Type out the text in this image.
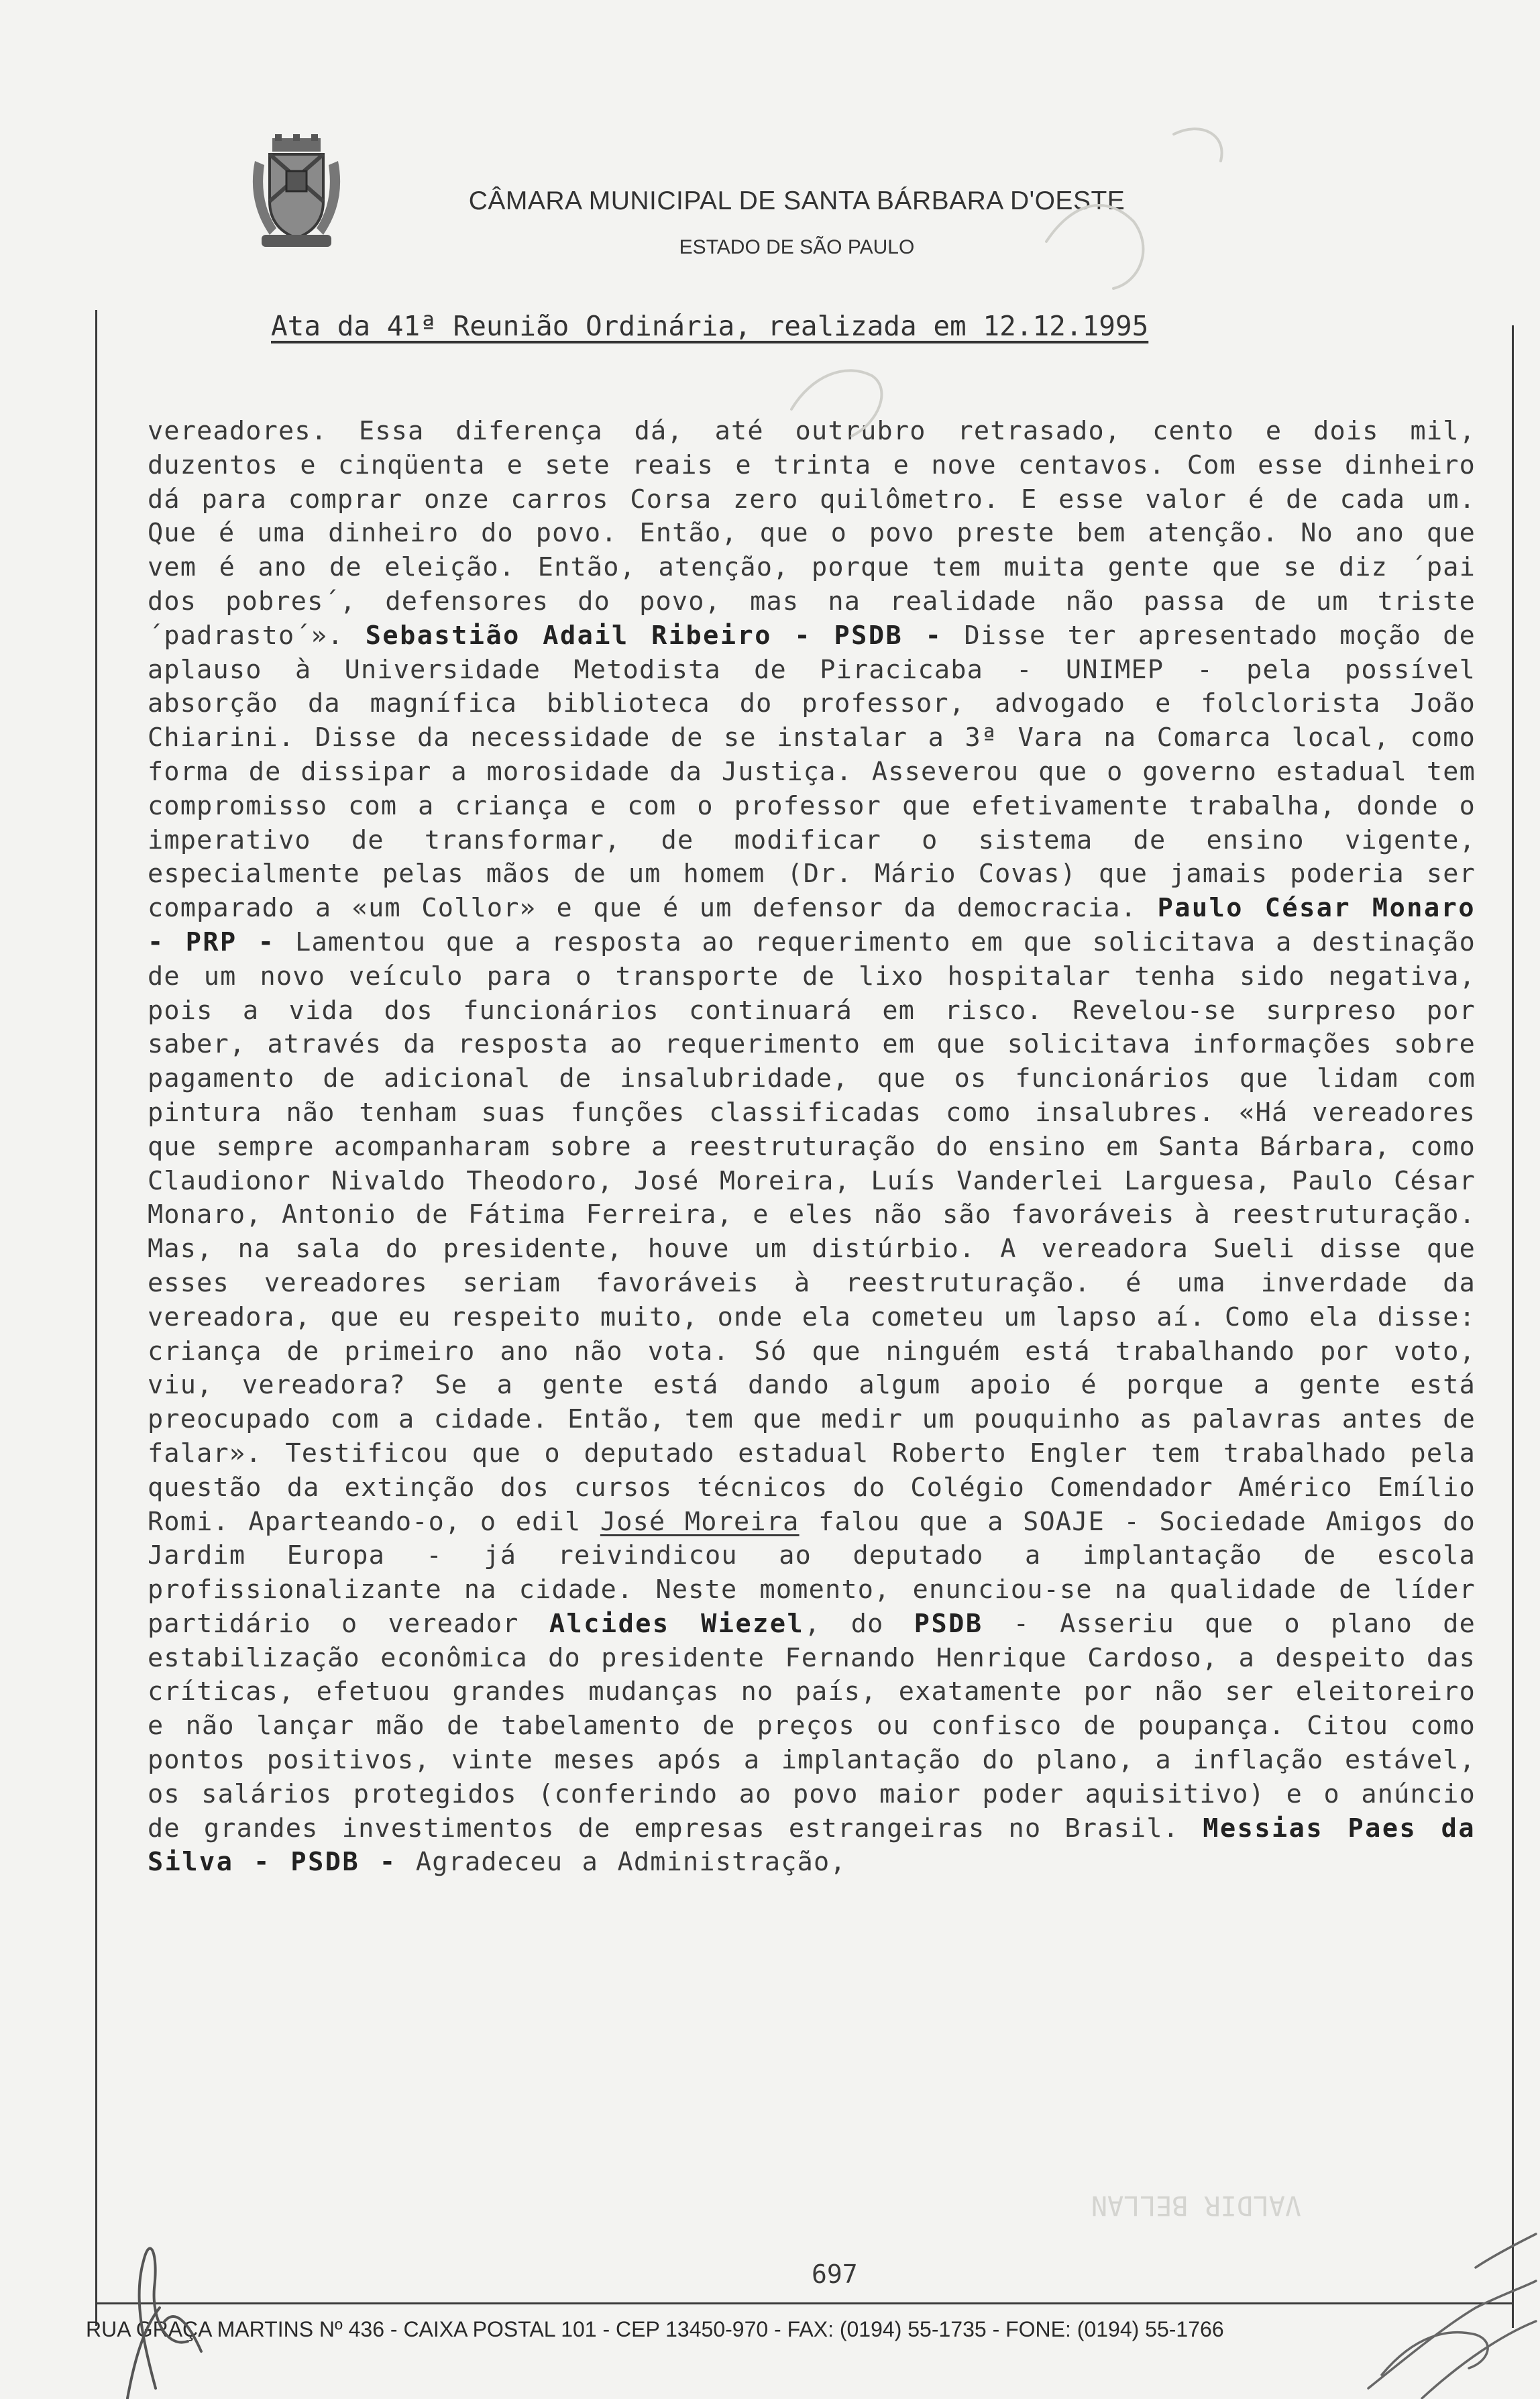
CÂMARA MUNICIPAL DE SANTA BÁRBARA D'OESTE
ESTADO DE SÃO PAULO
Ata da 41ª Reunião Ordinária, realizada em 12.12.1995
vereadores. Essa diferença dá, até outrubro retrasado, cento e dois mil, duzentos e cinqüenta e sete reais e trinta e nove centavos. Com esse dinheiro dá para comprar onze carros Corsa zero quilômetro. E esse valor é de cada um. Que é uma dinheiro do povo. Então, que o povo preste bem atenção. No ano que vem é ano de eleição. Então, atenção, porque tem muita gente que se diz ´pai dos pobres´, defensores do povo, mas na realidade não passa de um triste ´padrasto´». Sebastião Adail Ribeiro - PSDB - Disse ter apresentado moção de aplauso à Universidade Metodista de Piracicaba - UNIMEP - pela possível absorção da magnífica biblioteca do professor, advogado e folclorista João Chiarini. Disse da necessidade de se instalar a 3ª Vara na Comarca local, como forma de dissipar a morosidade da Justiça. Asseverou que o governo estadual tem compromisso com a criança e com o professor que efetivamente trabalha, donde o imperativo de transformar, de modificar o sistema de ensino vigente, especialmente pelas mãos de um homem (Dr. Mário Covas) que jamais poderia ser comparado a «um Collor» e que é um defensor da democracia. Paulo César Monaro - PRP - Lamentou que a resposta ao requerimento em que solicitava a destinação de um novo veículo para o transporte de lixo hospitalar tenha sido negativa, pois a vida dos funcionários continuará em risco. Revelou-se surpreso por saber, através da resposta ao requerimento em que solicitava informações sobre pagamento de adicional de insalubridade, que os funcionários que lidam com pintura não tenham suas funções classificadas como insalubres. «Há vereadores que sempre acompanharam sobre a reestruturação do ensino em Santa Bárbara, como Claudionor Nivaldo Theodoro, José Moreira, Luís Vanderlei Larguesa, Paulo César Monaro, Antonio de Fátima Ferreira, e eles não são favoráveis à reestruturação. Mas, na sala do presidente, houve um distúrbio. A vereadora Sueli disse que esses vereadores seriam favoráveis à reestruturação. é uma inverdade da vereadora, que eu respeito muito, onde ela cometeu um lapso aí. Como ela disse: criança de primeiro ano não vota. Só que ninguém está trabalhando por voto, viu, vereadora? Se a gente está dando algum apoio é porque a gente está preocupado com a cidade. Então, tem que medir um pouquinho as palavras antes de falar». Testificou que o deputado estadual Roberto Engler tem trabalhado pela questão da extinção dos cursos técnicos do Colégio Comendador Américo Emílio Romi. Aparteando-o, o edil José Moreira falou que a SOAJE - Sociedade Amigos do Jardim Europa - já reivindicou ao deputado a implantação de escola profissionalizante na cidade. Neste momento, enunciou-se na qualidade de líder partidário o vereador Alcides Wiezel, do PSDB - Asseriu que o plano de estabilização econômica do presidente Fernando Henrique Cardoso, a despeito das críticas, efetuou grandes mudanças no país, exatamente por não ser eleitoreiro e não lançar mão de tabelamento de preços ou confisco de poupança. Citou como pontos positivos, vinte meses após a implantação do plano, a inflação estável, os salários protegidos (conferindo ao povo maior poder aquisitivo) e o anúncio de grandes investimentos de empresas estrangeiras no Brasil. Messias Paes da Silva - PSDB - Agradeceu a Administração,
697
RUA GRAÇA MARTINS Nº 436 - CAIXA POSTAL 101 - CEP 13450-970 - FAX: (0194) 55-1735 - FONE: (0194) 55-1766
VALDIR BELLAN
